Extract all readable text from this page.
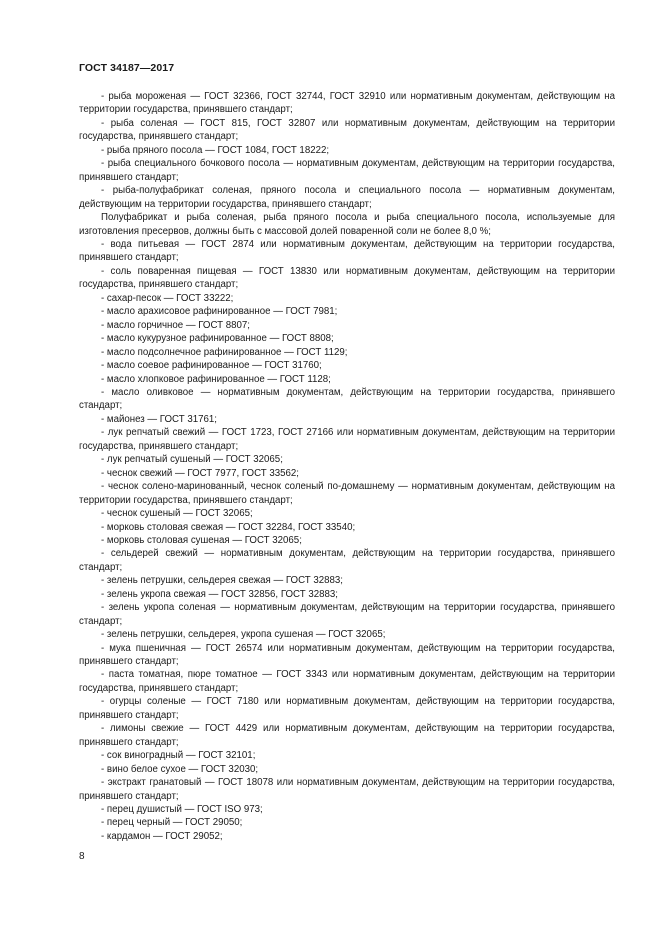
ГОСТ 34187—2017
- рыба мороженая — ГОСТ 32366, ГОСТ 32744, ГОСТ 32910 или нормативным документам, действующим на территории государства, принявшего стандарт;
- рыба соленая — ГОСТ 815, ГОСТ 32807 или нормативным документам, действующим на территории государства, принявшего стандарт;
- рыба пряного посола — ГОСТ 1084, ГОСТ 18222;
- рыба специального бочкового посола — нормативным документам, действующим на территории государства, принявшего стандарт;
- рыба-полуфабрикат соленая, пряного посола и специального посола — нормативным документам, действующим на территории государства, принявшего стандарт;
Полуфабрикат и рыба соленая, рыба пряного посола и рыба специального посола, используемые для изготовления пресервов, должны быть с массовой долей поваренной соли не более 8,0 %;
- вода питьевая — ГОСТ 2874 или нормативным документам, действующим на территории государства, принявшего стандарт;
- соль поваренная пищевая — ГОСТ 13830 или нормативным документам, действующим на территории государства, принявшего стандарт;
- сахар-песок — ГОСТ 33222;
- масло арахисовое рафинированное — ГОСТ 7981;
- масло горчичное — ГОСТ 8807;
- масло кукурузное рафинированное — ГОСТ 8808;
- масло подсолнечное рафинированное — ГОСТ 1129;
- масло соевое рафинированное — ГОСТ 31760;
- масло хлопковое рафинированное — ГОСТ 1128;
- масло оливковое — нормативным документам, действующим на территории государства, принявшего стандарт;
- майонез — ГОСТ 31761;
- лук репчатый свежий — ГОСТ 1723, ГОСТ 27166 или нормативным документам, действующим на территории государства, принявшего стандарт;
- лук репчатый сушеный — ГОСТ 32065;
- чеснок свежий — ГОСТ 7977, ГОСТ 33562;
- чеснок солено-маринованный, чеснок соленый по-домашнему — нормативным документам, действующим на территории государства, принявшего стандарт;
- чеснок сушеный — ГОСТ 32065;
- морковь столовая свежая — ГОСТ 32284, ГОСТ 33540;
- морковь столовая сушеная — ГОСТ 32065;
- сельдерей свежий — нормативным документам, действующим на территории государства, принявшего стандарт;
- зелень петрушки, сельдерея свежая — ГОСТ 32883;
- зелень укропа свежая — ГОСТ 32856, ГОСТ 32883;
- зелень укропа соленая — нормативным документам, действующим на территории государства, принявшего стандарт;
- зелень петрушки, сельдерея, укропа сушеная — ГОСТ 32065;
- мука пшеничная — ГОСТ 26574 или нормативным документам, действующим на территории государства, принявшего стандарт;
- паста томатная, пюре томатное — ГОСТ 3343 или нормативным документам, действующим на территории государства, принявшего стандарт;
- огурцы соленые — ГОСТ 7180 или нормативным документам, действующим на территории государства, принявшего стандарт;
- лимоны свежие — ГОСТ 4429 или нормативным документам, действующим на территории государства, принявшего стандарт;
- сок виноградный — ГОСТ 32101;
- вино белое сухое — ГОСТ 32030;
- экстракт гранатовый — ГОСТ 18078 или нормативным документам, действующим на территории государства, принявшего стандарт;
- перец душистый — ГОСТ ISO 973;
- перец черный — ГОСТ 29050;
- кардамон — ГОСТ 29052;
8
